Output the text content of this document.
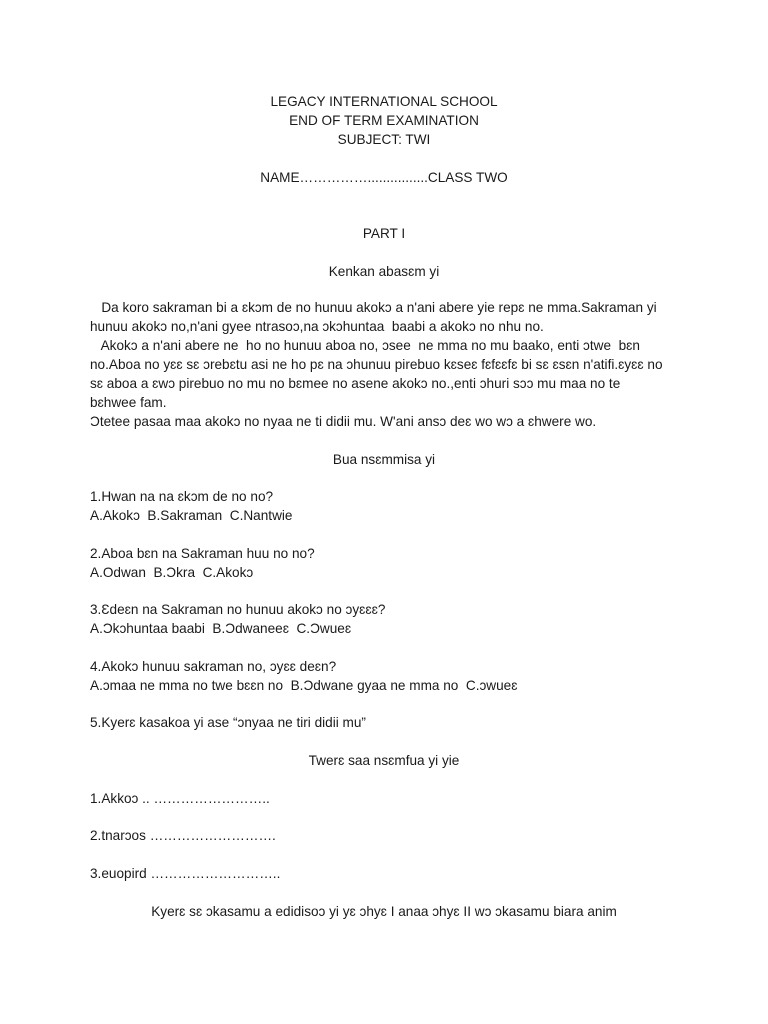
LEGACY INTERNATIONAL SCHOOL
END OF TERM EXAMINATION
SUBJECT: TWI
NAME……………................CLASS TWO
PART I
Kenkan abasɛm yi
Da koro sakraman bi a ɛkɔm de no hunuu akokɔ a n'ani abere yie repɛ ne mma.Sakraman yi
hunuu akokɔ no,n'ani gyee ntrasoɔ,na ɔkɔhuntaa  baabi a akokɔ no nhu no.
Akokɔ a n'ani abere ne  ho no hunuu aboa no, ɔsee  ne mma no mu baako, enti ɔtwe  bɛn
no.Aboa no yɛɛ sɛ ɔrebɛtu asi ne ho pɛ na ɔhunuu pirebuo kɛseɛ fɛfɛɛfɛ bi sɛ ɛsɛn n'atifi.ɛyɛɛ no
sɛ aboa a ɛwɔ pirebuo no mu no bɛmee no asene akokɔ no.,enti ɔhuri sɔɔ mu maa no te
bɛhwee fam.
Ɔtetee pasaa maa akokɔ no nyaa ne ti didii mu. W'ani ansɔ deɛ wo wɔ a ɛhwere wo.
Bua nsɛmmisa yi
1.Hwan na na ɛkɔm de no no?
A.Akokɔ  B.Sakraman  C.Nantwie
2.Aboa bɛn na Sakraman huu no no?
A.Odwan  B.Ɔkra  C.Akokɔ
3.Ɛdeɛn na Sakraman no hunuu akokɔ no ɔyɛɛɛ?
A.Ɔkɔhuntaa baabi  B.Ɔdwaneeɛ  C.Ɔwueɛ
4.Akokɔ hunuu sakraman no, ɔyɛɛ deɛn?
A.ɔmaa ne mma no twe bɛɛn no  B.Ɔdwane gyaa ne mma no  C.ɔwueɛ
5.Kyerɛ kasakoa yi ase “ɔnyaa ne tiri didii mu”
Twerɛ saa nsɛmfua yi yie
1.Akkoɔ .. ……………………..
2.tnarɔos ……………………….
3.euopird ………………………..
Kyerɛ sɛ ɔkasamu a edidisoɔ yi yɛ ɔhyɛ I anaa ɔhyɛ II wɔ ɔkasamu biara anim
